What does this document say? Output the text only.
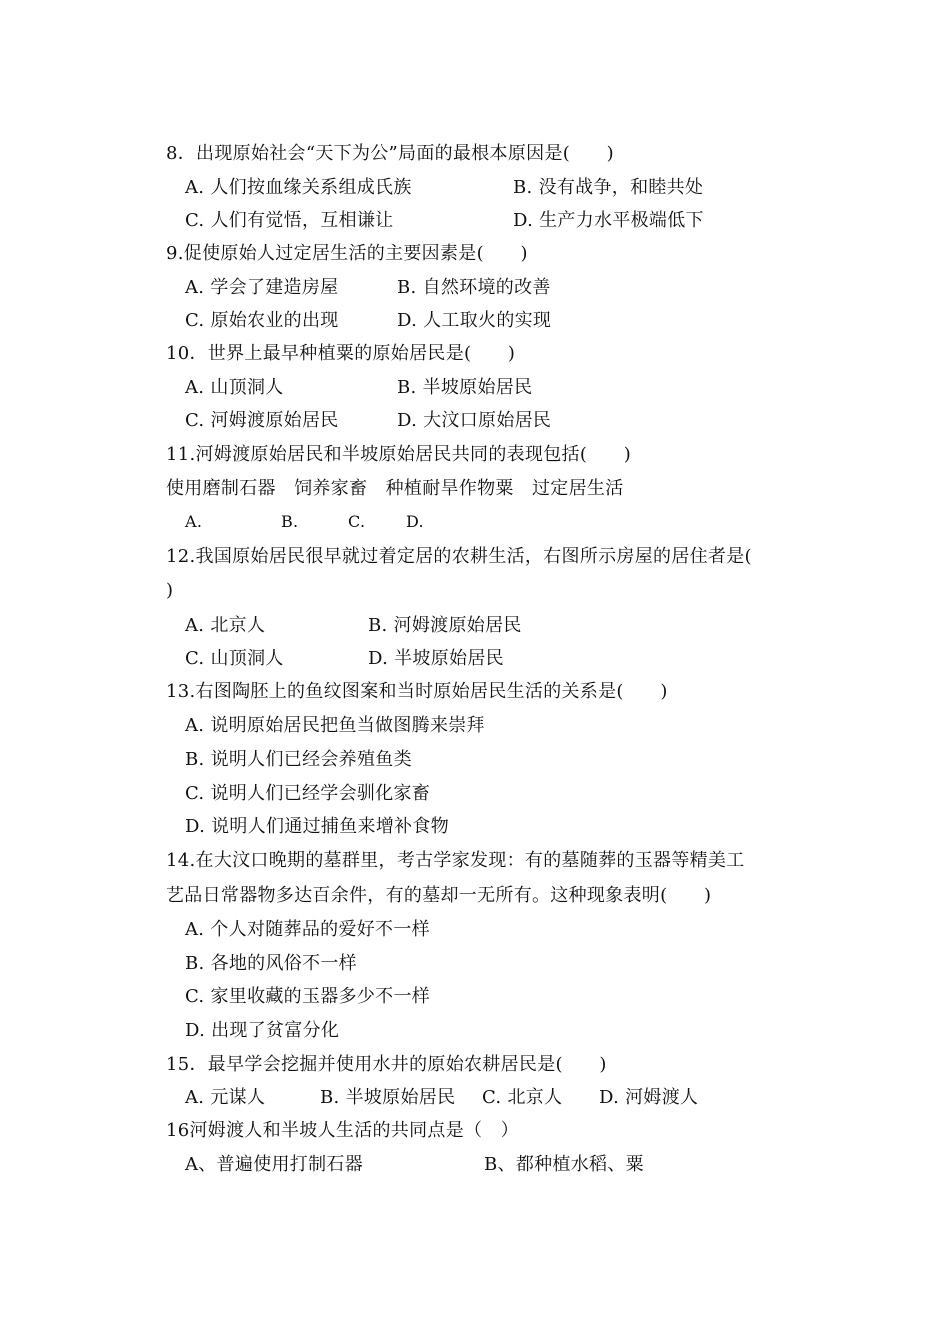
8．出现原始社会“天下为公”局面的最根本原因是(　　)
A. 人们按血缘关系组成氏族	B. 没有战争，和睦共处
C. 人们有觉悟，互相谦让	D. 生产力水平极端低下
9.促使原始人过定居生活的主要因素是(　　)
A. 学会了建造房屋	B. 自然环境的改善
C. 原始农业的出现	D. 人工取火的实现
10．世界上最早种植粟的原始居民是(　　)
A. 山顶洞人	B. 半坡原始居民
C. 河姆渡原始居民	D. 大汶口原始居民
11.河姆渡原始居民和半坡原始居民共同的表现包括(　　)
使用磨制石器　饲养家畜　种植耐旱作物粟　过定居生活
A.	B.	C.	D.
12.我国原始居民很早就过着定居的农耕生活，右图所示房屋的居住者是(
)
A. 北京人	B. 河姆渡原始居民
C. 山顶洞人	D. 半坡原始居民
13.右图陶胚上的鱼纹图案和当时原始居民生活的关系是(　　)
A. 说明原始居民把鱼当做图腾来崇拜
B. 说明人们已经会养殖鱼类
C. 说明人们已经学会驯化家畜
D. 说明人们通过捕鱼来增补食物
14.在大汶口晚期的墓群里，考古学家发现：有的墓随葬的玉器等精美工
艺品日常器物多达百余件，有的墓却一无所有。这种现象表明(　　)
A. 个人对随葬品的爱好不一样
B. 各地的风俗不一样
C. 家里收藏的玉器多少不一样
D. 出现了贫富分化
15．最早学会挖掘并使用水井的原始农耕居民是(　　)
A. 元谋人	B. 半坡原始居民 C. 北京人 D. 河姆渡人
16河姆渡人和半坡人生活的共同点是（　）
A、普遍使用打制石器	B、都种植水稻、粟
